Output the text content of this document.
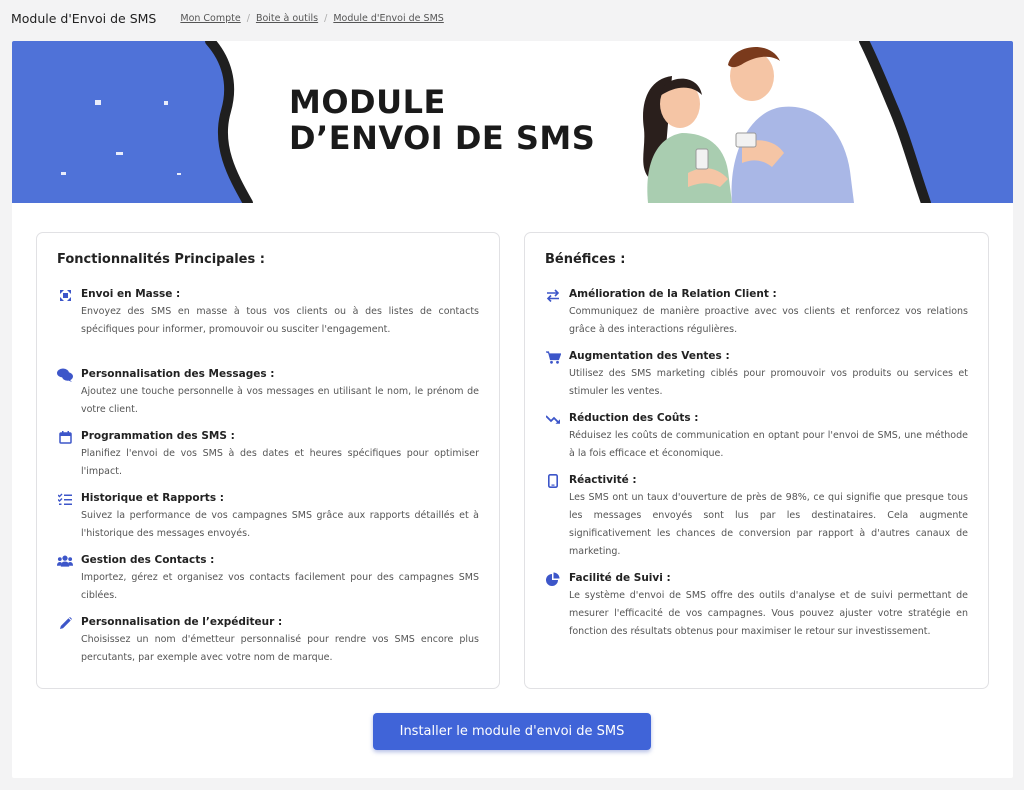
Module d'Envoi de SMS	Mon Compte / Boite à outils / Module d'Envoi de SMS
MODULE
D’ENVOI DE SMS
Fonctionnalités Principales :
Envoi en Masse :
Envoyez des SMS en masse à tous vos clients ou à des listes de contacts spécifiques pour informer, promouvoir ou susciter l'engagement.
Personnalisation des Messages :
Ajoutez une touche personnelle à vos messages en utilisant le nom, le prénom de votre client.
Programmation des SMS :
Planifiez l'envoi de vos SMS à des dates et heures spécifiques pour optimiser l'impact.
Historique et Rapports :
Suivez la performance de vos campagnes SMS grâce aux rapports détaillés et à l'historique des messages envoyés.
Gestion des Contacts :
Importez, gérez et organisez vos contacts facilement pour des campagnes SMS ciblées.
Personnalisation de l’expéditeur :
Choisissez un nom d'émetteur personnalisé pour rendre vos SMS encore plus percutants, par exemple avec votre nom de marque.
Bénéfices :
Amélioration de la Relation Client :
Communiquez de manière proactive avec vos clients et renforcez vos relations grâce à des interactions régulières.
Augmentation des Ventes :
Utilisez des SMS marketing ciblés pour promouvoir vos produits ou services et stimuler les ventes.
Réduction des Coûts :
Réduisez les coûts de communication en optant pour l'envoi de SMS, une méthode à la fois efficace et économique.
Réactivité :
Les SMS ont un taux d'ouverture de près de 98%, ce qui signifie que presque tous les messages envoyés sont lus par les destinataires. Cela augmente significativement les chances de conversion par rapport à d'autres canaux de marketing.
Facilité de Suivi :
Le système d'envoi de SMS offre des outils d'analyse et de suivi permettant de mesurer l'efficacité de vos campagnes. Vous pouvez ajuster votre stratégie en fonction des résultats obtenus pour maximiser le retour sur investissement.
Installer le module d'envoi de SMS
